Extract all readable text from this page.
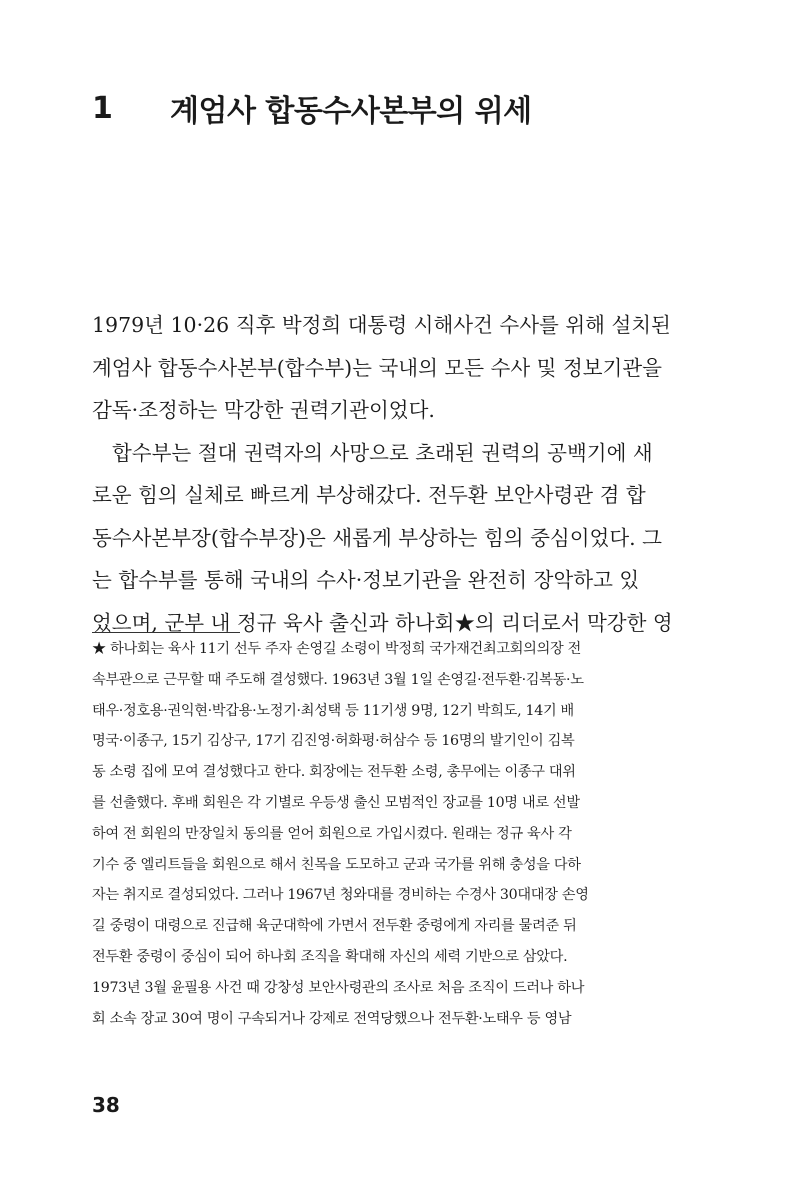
1	계엄사 합동수사본부의 위세
1979년 10·26 직후 박정희 대통령 시해사건 수사를 위해 설치된
계엄사 합동수사본부(합수부)는 국내의 모든 수사 및 정보기관을
감독·조정하는 막강한 권력기관이었다.
합수부는 절대 권력자의 사망으로 초래된 권력의 공백기에 새
로운 힘의 실체로 빠르게 부상해갔다. 전두환 보안사령관 겸 합
동수사본부장(합수부장)은 새롭게 부상하는 힘의 중심이었다. 그
는 합수부를 통해 국내의 수사·정보기관을 완전히 장악하고 있
었으며, 군부 내 정규 육사 출신과 하나회★의 리더로서 막강한 영
★ 하나회는 육사 11기 선두 주자 손영길 소령이 박정희 국가재건최고회의의장 전
속부관으로 근무할 때 주도해 결성했다. 1963년 3월 1일 손영길·전두환·김복동·노
태우·정호용·권익현·박갑용·노정기·최성택 등 11기생 9명, 12기 박희도, 14기 배
명국·이종구, 15기 김상구, 17기 김진영·허화평·허삼수 등 16명의 발기인이 김복
동 소령 집에 모여 결성했다고 한다. 회장에는 전두환 소령, 총무에는 이종구 대위
를 선출했다. 후배 회원은 각 기별로 우등생 출신 모범적인 장교를 10명 내로 선발
하여 전 회원의 만장일치 동의를 얻어 회원으로 가입시켰다. 원래는 정규 육사 각
기수 중 엘리트들을 회원으로 해서 친목을 도모하고 군과 국가를 위해 충성을 다하
자는 취지로 결성되었다. 그러나 1967년 청와대를 경비하는 수경사 30대대장 손영
길 중령이 대령으로 진급해 육군대학에 가면서 전두환 중령에게 자리를 물려준 뒤
전두환 중령이 중심이 되어 하나회 조직을 확대해 자신의 세력 기반으로 삼았다.
1973년 3월 윤필용 사건 때 강창성 보안사령관의 조사로 처음 조직이 드러나 하나
회 소속 장교 30여 명이 구속되거나 강제로 전역당했으나 전두환·노태우 등 영남
38
